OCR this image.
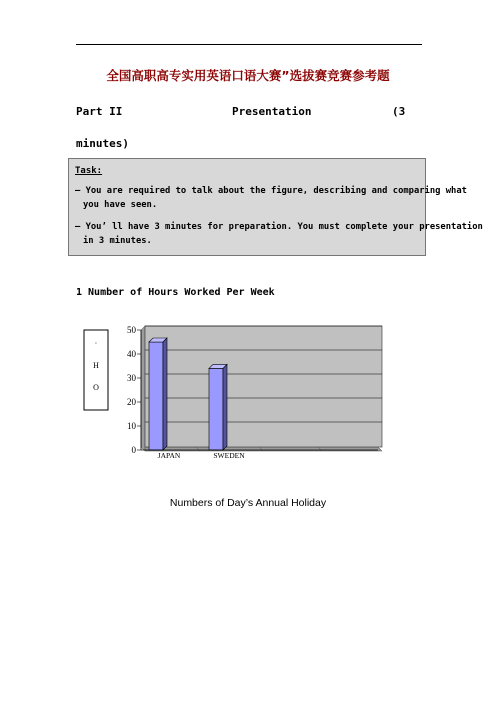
全国高职高专实用英语口语大赛”选拔赛竞赛参考题
Part II	Presentation	(3
minutes)
Task:
— You are required to talk about the figure, describing and comparing what
you have seen.
— You’ ll have 3 minutes for preparation. You must complete your presentation
in 3 minutes.
1 Number of Hours Worked Per Week
· H O
0
10
20
30
40
50
JAPAN	SWEDEN
Numbers of Day’s Annual Holiday
